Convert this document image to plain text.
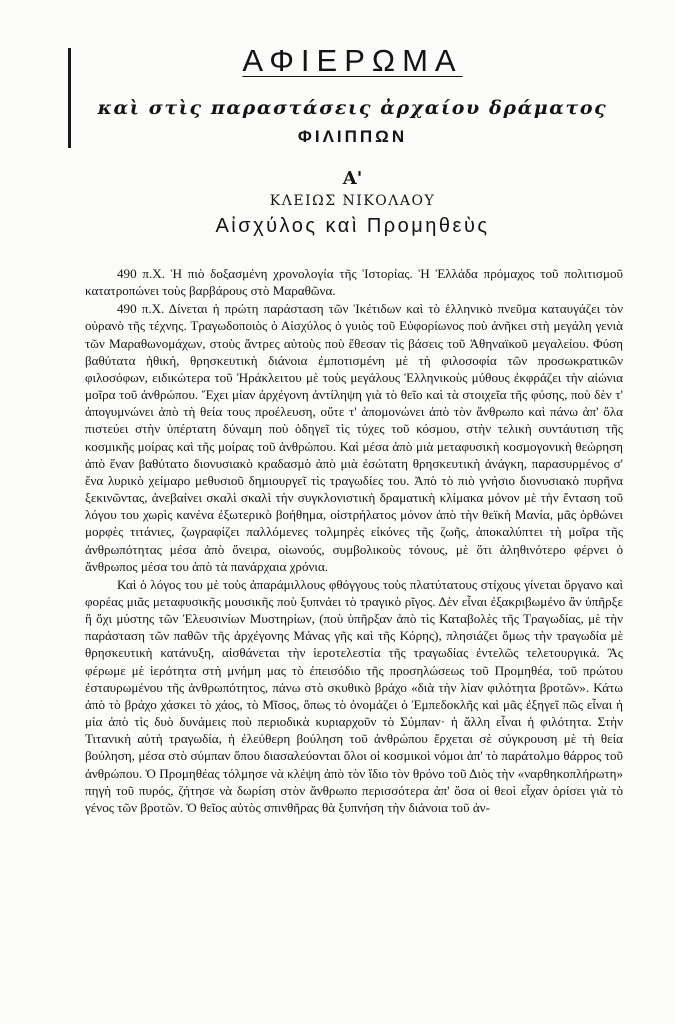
ΑΦΙΕΡΩΜΑ
καὶ στὶς παραστάσεις ἀρχαίου δράματος
ΦΙΛΙΠΠΩΝ
Α'
ΚΛΕΙΩΣ ΝΙΚΟΛΑΟΥ
Αἰσχύλος καὶ Προμηθεὺς

490 π.Χ. Ἡ πιὸ δοξασμένη χρονολογία τῆς Ἱστορίας. Ἡ Ἑλλάδα πρόμαχος τοῦ πολιτισμοῦ κατατροπώνει τοὺς βαρβάρους στὸ Μαραθῶνα.

490 π.Χ. Δίνεται ἡ πρώτη παράσταση τῶν Ἱκέτιδων καὶ τὸ ἑλληνικὸ πνεῦμα καταυγάζει τὸν οὐρανὸ τῆς τέχνης. Τραγωδοποιὸς ὁ Αἰσχύλος ὁ γυιὸς τοῦ Εὐφορίωνος ποὺ ἀνῆκει στὴ μεγάλη γενιὰ τῶν Μαραθωνομάχων, στοὺς ἄντρες αὐτοὺς ποὺ ἔθεσαν τὶς βάσεις τοῦ Ἀθηναϊκοῦ μεγαλείου. Φύση βαθύτατα ἠθική, θρησκευτικὴ διάνοια ἐμποτισμένη μὲ τὴ φιλοσοφία τῶν προσωκρατικῶν φιλοσόφων, ειδικώτερα τοῦ Ἡράκλειτου μὲ τοὺς μεγάλους Ἑλληνικοὺς μύθους ἐκφράζει τὴν αἰώνια μοῖρα τοῦ ἀνθρώπου. Ἔχει μίαν ἀρχέγονη ἀντίληψη γιὰ τὸ θεῖο καὶ τὰ στοιχεῖα τῆς φύσης, ποὺ δὲν τ' ἀπογυμνώνει ἀπὸ τὴ θεία τους προέλευση, οὔτε τ' ἀπομονώνει ἀπὸ τὸν ἄνθρωπο καὶ πάνω ἀπ' ὅλα πιστεύει στὴν ὑπέρτατη δύναμη ποὺ ὁδηγεῖ τὶς τύχες τοῦ κόσμου, στὴν τελικὴ συντάυτιση τῆς κοσμικῆς μοίρας καὶ τῆς μοίρας τοῦ ἀνθρώπου. Καὶ μέσα ἀπὸ μιὰ μεταφυσικὴ κοσμογονικὴ θεώρηση ἀπὸ ἕναν βαθύτατο διονυσιακὸ κραδασμὸ ἀπὸ μιὰ ἐσώτατη θρησκευτικὴ ἀνάγκη, παρασυρμένος σ' ἕνα λυρικὸ χείμαρο μεθυσιοῦ δημιουργεῖ τὶς τραγωδίες του. Ἀπὸ τὸ πιὸ γνήσιο διονυσιακὸ πυρῆνα ξεκινῶντας, ἀνεβαίνει σκαλὶ σκαλὶ τὴν συγκλονιστικὴ δραματικὴ κλίμακα μόνον μὲ τὴν ἔνταση τοῦ λόγου του χωρὶς κανένα ἐξωτερικὸ βοήθημα, οἰστρήλατος μόνον ἀπὸ τὴν θεϊκὴ Μανία, μᾶς ὀρθώνει μορφὲς τιτάνιες, ζωγραφίζει παλλόμενες τολμηρὲς εἰκόνες τῆς ζωῆς, ἀποκαλύπτει τὴ μοῖρα τῆς ἀνθρωπότητας μέσα ἀπὸ ὄνειρα, οἰωνούς, συμβολικοὺς τόνους, μὲ ὅτι ἀληθινότερο φέρνει ὁ ἄνθρωπος μέσα του ἀπὸ τὰ πανάρχαια χρόνια.

Καὶ ὁ λόγος του μὲ τοὺς ἀπαράμιλλους φθόγγους τοὺς πλατύτατους στίχους γίνεται ὄργανο καὶ φορέας μιᾶς μεταφυσικῆς μουσικῆς ποὺ ξυπνάει τὸ τραγικὸ ρῖγος. Δὲν εἶναι ἐξακριβωμένο ἂν ὑπῆρξε ἢ ὄχι μύστης τῶν Ἐλευσινίων Μυστηρίων, (ποὺ ὑπῆρξαν ἀπὸ τὶς Καταβολὲς τῆς Τραγωδίας, μὲ τὴν παράσταση τῶν παθῶν τῆς ἀρχέγονης Μάνας γῆς καὶ τῆς Κόρης), πλησιάζει ὅμως τὴν τραγωδία μὲ θρησκευτικὴ κατάνυξη, αἰσθάνεται τὴν ἱεροτελεστία τῆς τραγωδίας ἐντελῶς τελετουργικά. Ἂς φέρωμε μὲ ἱερότητα στὴ μνήμη μας τὸ ἐπεισόδιο τῆς προσηλώσεως τοῦ Προμηθέα, τοῦ πρώτου ἐσταυρωμένου τῆς ἀνθρωπότητος, πάνω στὸ σκυθικὸ βράχο «διὰ τὴν λίαν φιλότητα βροτῶν». Κάτω ἀπὸ τὸ βράχο χάσκει τὸ χάος, τὸ Μῖσος, ὅπως τὸ ὀνομάζει ὁ Ἐμπεδοκλῆς καὶ μᾶς ἐξηγεῖ πῶς εἶναι ἡ μία ἀπὸ τὶς δυὸ δυνάμεις ποὺ περιοδικὰ κυριαρχοῦν τὸ Σύμπαν· ἡ ἄλλη εἶναι ἡ φιλότητα. Στὴν Τιτανικὴ αὐτὴ τραγωδία, ἡ ἐλεύθερη βούληση τοῦ ἀνθρώπου ἔρχεται σὲ σύγκρουση μὲ τὴ θεία βούληση, μέσα στὸ σύμπαν ὅπου διασαλεύονται ὅλοι οἱ κοσμικοὶ νόμοι ἀπ' τὸ παράτολμο θάρρος τοῦ ἀνθρώπου. Ὁ Προμηθέας τόλμησε νὰ κλέψη ἀπὸ τὸν ἴδιο τὸν θρόνο τοῦ Διὸς τὴν «ναρθηκοπλήρωτη» πηγὴ τοῦ πυρός, ζήτησε νὰ δωρίση στὸν ἄνθρωπο περισσότερα ἀπ' ὅσα οἱ θεοὶ εἶχαν ὁρίσει γιὰ τὸ γένος τῶν βροτῶν. Ὁ θεῖος αὐτὸς σπινθῆρας θὰ ξυπνήση τὴν διάνοια τοῦ ἀν-
